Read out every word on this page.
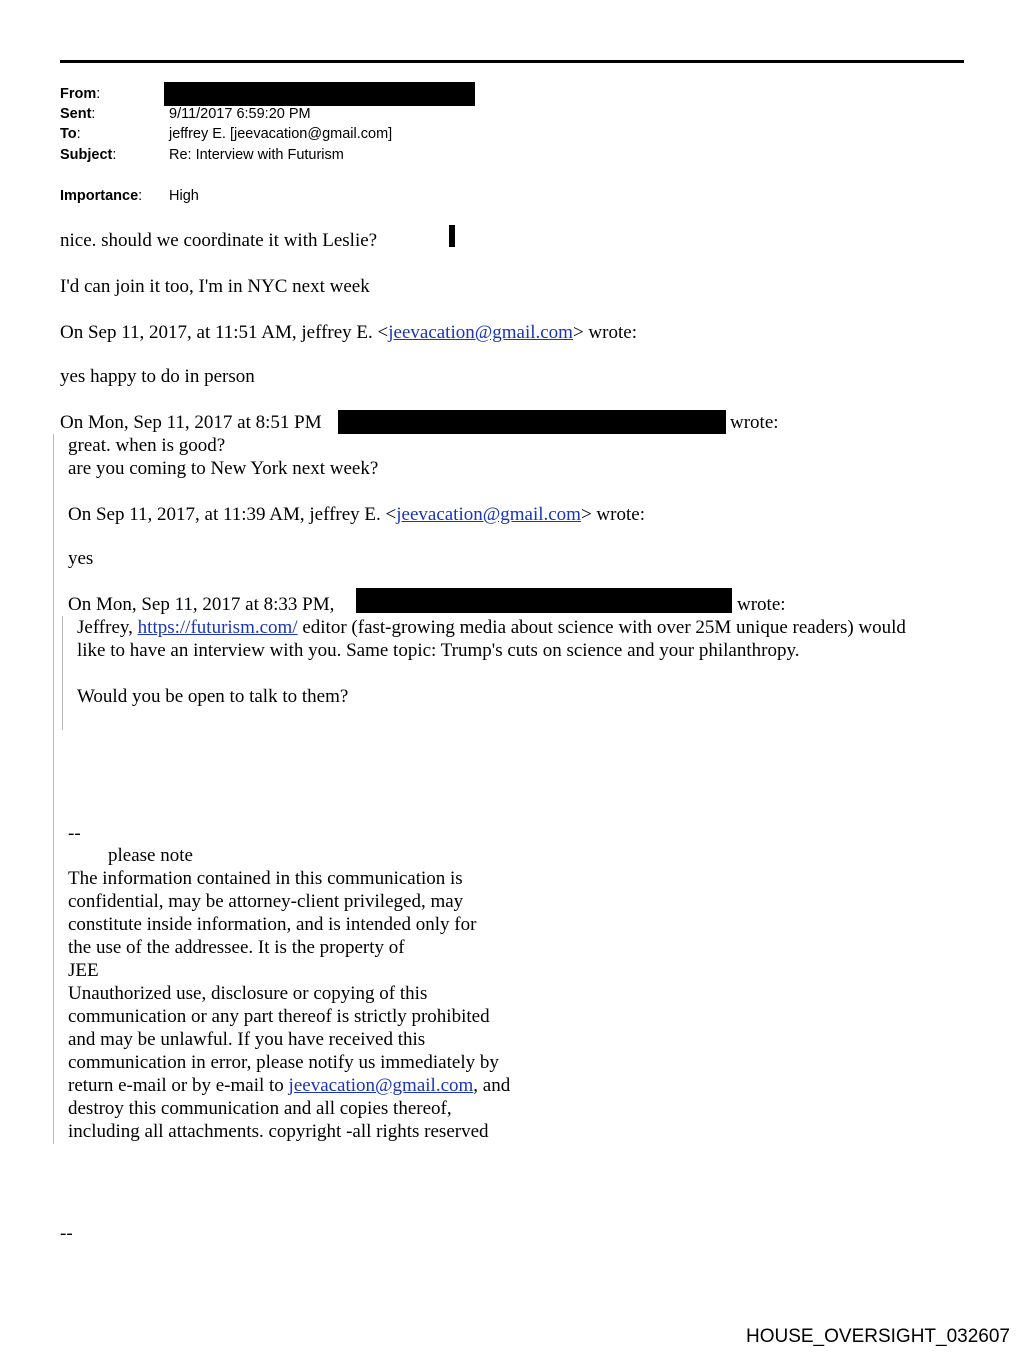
From:
Sent:	9/11/2017 6:59:20 PM
To:	jeffrey E. [jeevacation@gmail.com]
Subject:	Re: Interview with Futurism
Importance: High
nice. should we coordinate it with Leslie?
I'd can join it too, I'm in NYC next week
On Sep 11, 2017, at 11:51 AM, jeffrey E. <jeevacation@gmail.com> wrote:
yes happy to do in person
On Mon, Sep 11, 2017 at 8:51 PM	wrote:
great. when is good?
are you coming to New York next week?
On Sep 11, 2017, at 11:39 AM, jeffrey E. <jeevacation@gmail.com> wrote:
yes
On Mon, Sep 11, 2017 at 8:33 PM,	wrote:
Jeffrey, https://futurism.com/ editor (fast-growing media about science with over 25M unique readers) would
like to have an interview with you. Same topic: Trump's cuts on science and your philanthropy.
Would you be open to talk to them?
--
please note
The information contained in this communication is
confidential, may be attorney-client privileged, may
constitute inside information, and is intended only for
the use of the addressee. It is the property of
JEE
Unauthorized use, disclosure or copying of this
communication or any part thereof is strictly prohibited
and may be unlawful. If you have received this
communication in error, please notify us immediately by
return e-mail or by e-mail to jeevacation@gmail.com, and
destroy this communication and all copies thereof,
including all attachments. copyright -all rights reserved
--
HOUSE_OVERSIGHT_032607
